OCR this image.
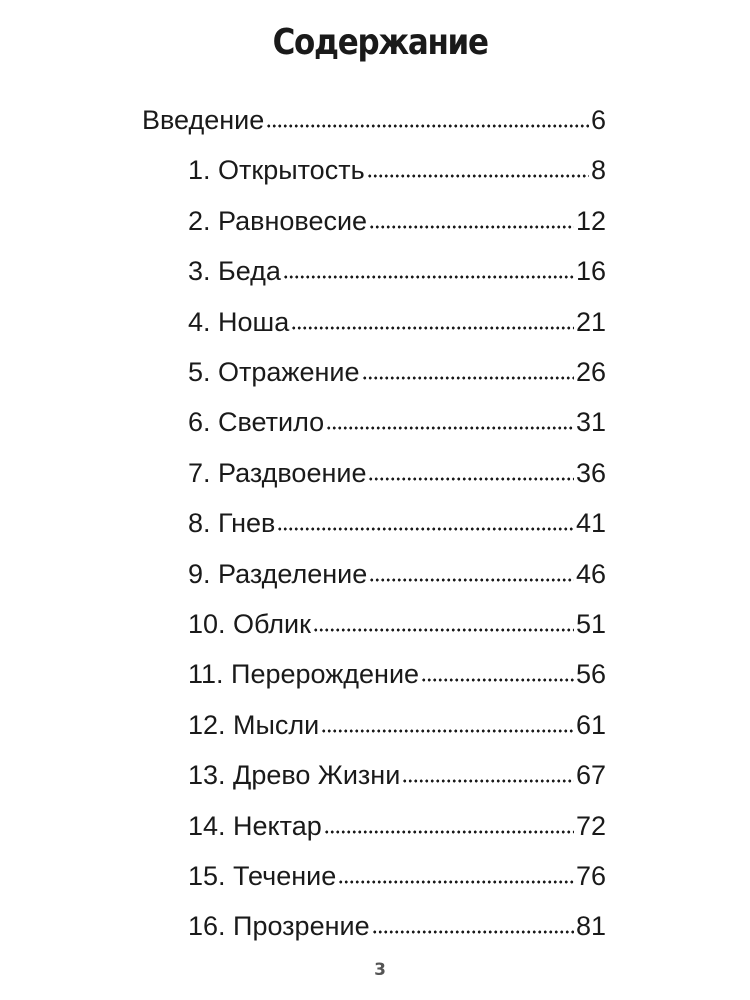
Содержание
Введение	6
1. Открытость	8
2. Равновесие	12
3. Беда	16
4. Ноша	21
5. Отражение	26
6. Светило	31
7. Раздвоение	36
8. Гнев	41
9. Разделение	46
10. Облик	51
11. Перерождение	56
12. Мысли	61
13. Древо Жизни	67
14. Нектар	72
15. Течение	76
16. Прозрение	81
3
